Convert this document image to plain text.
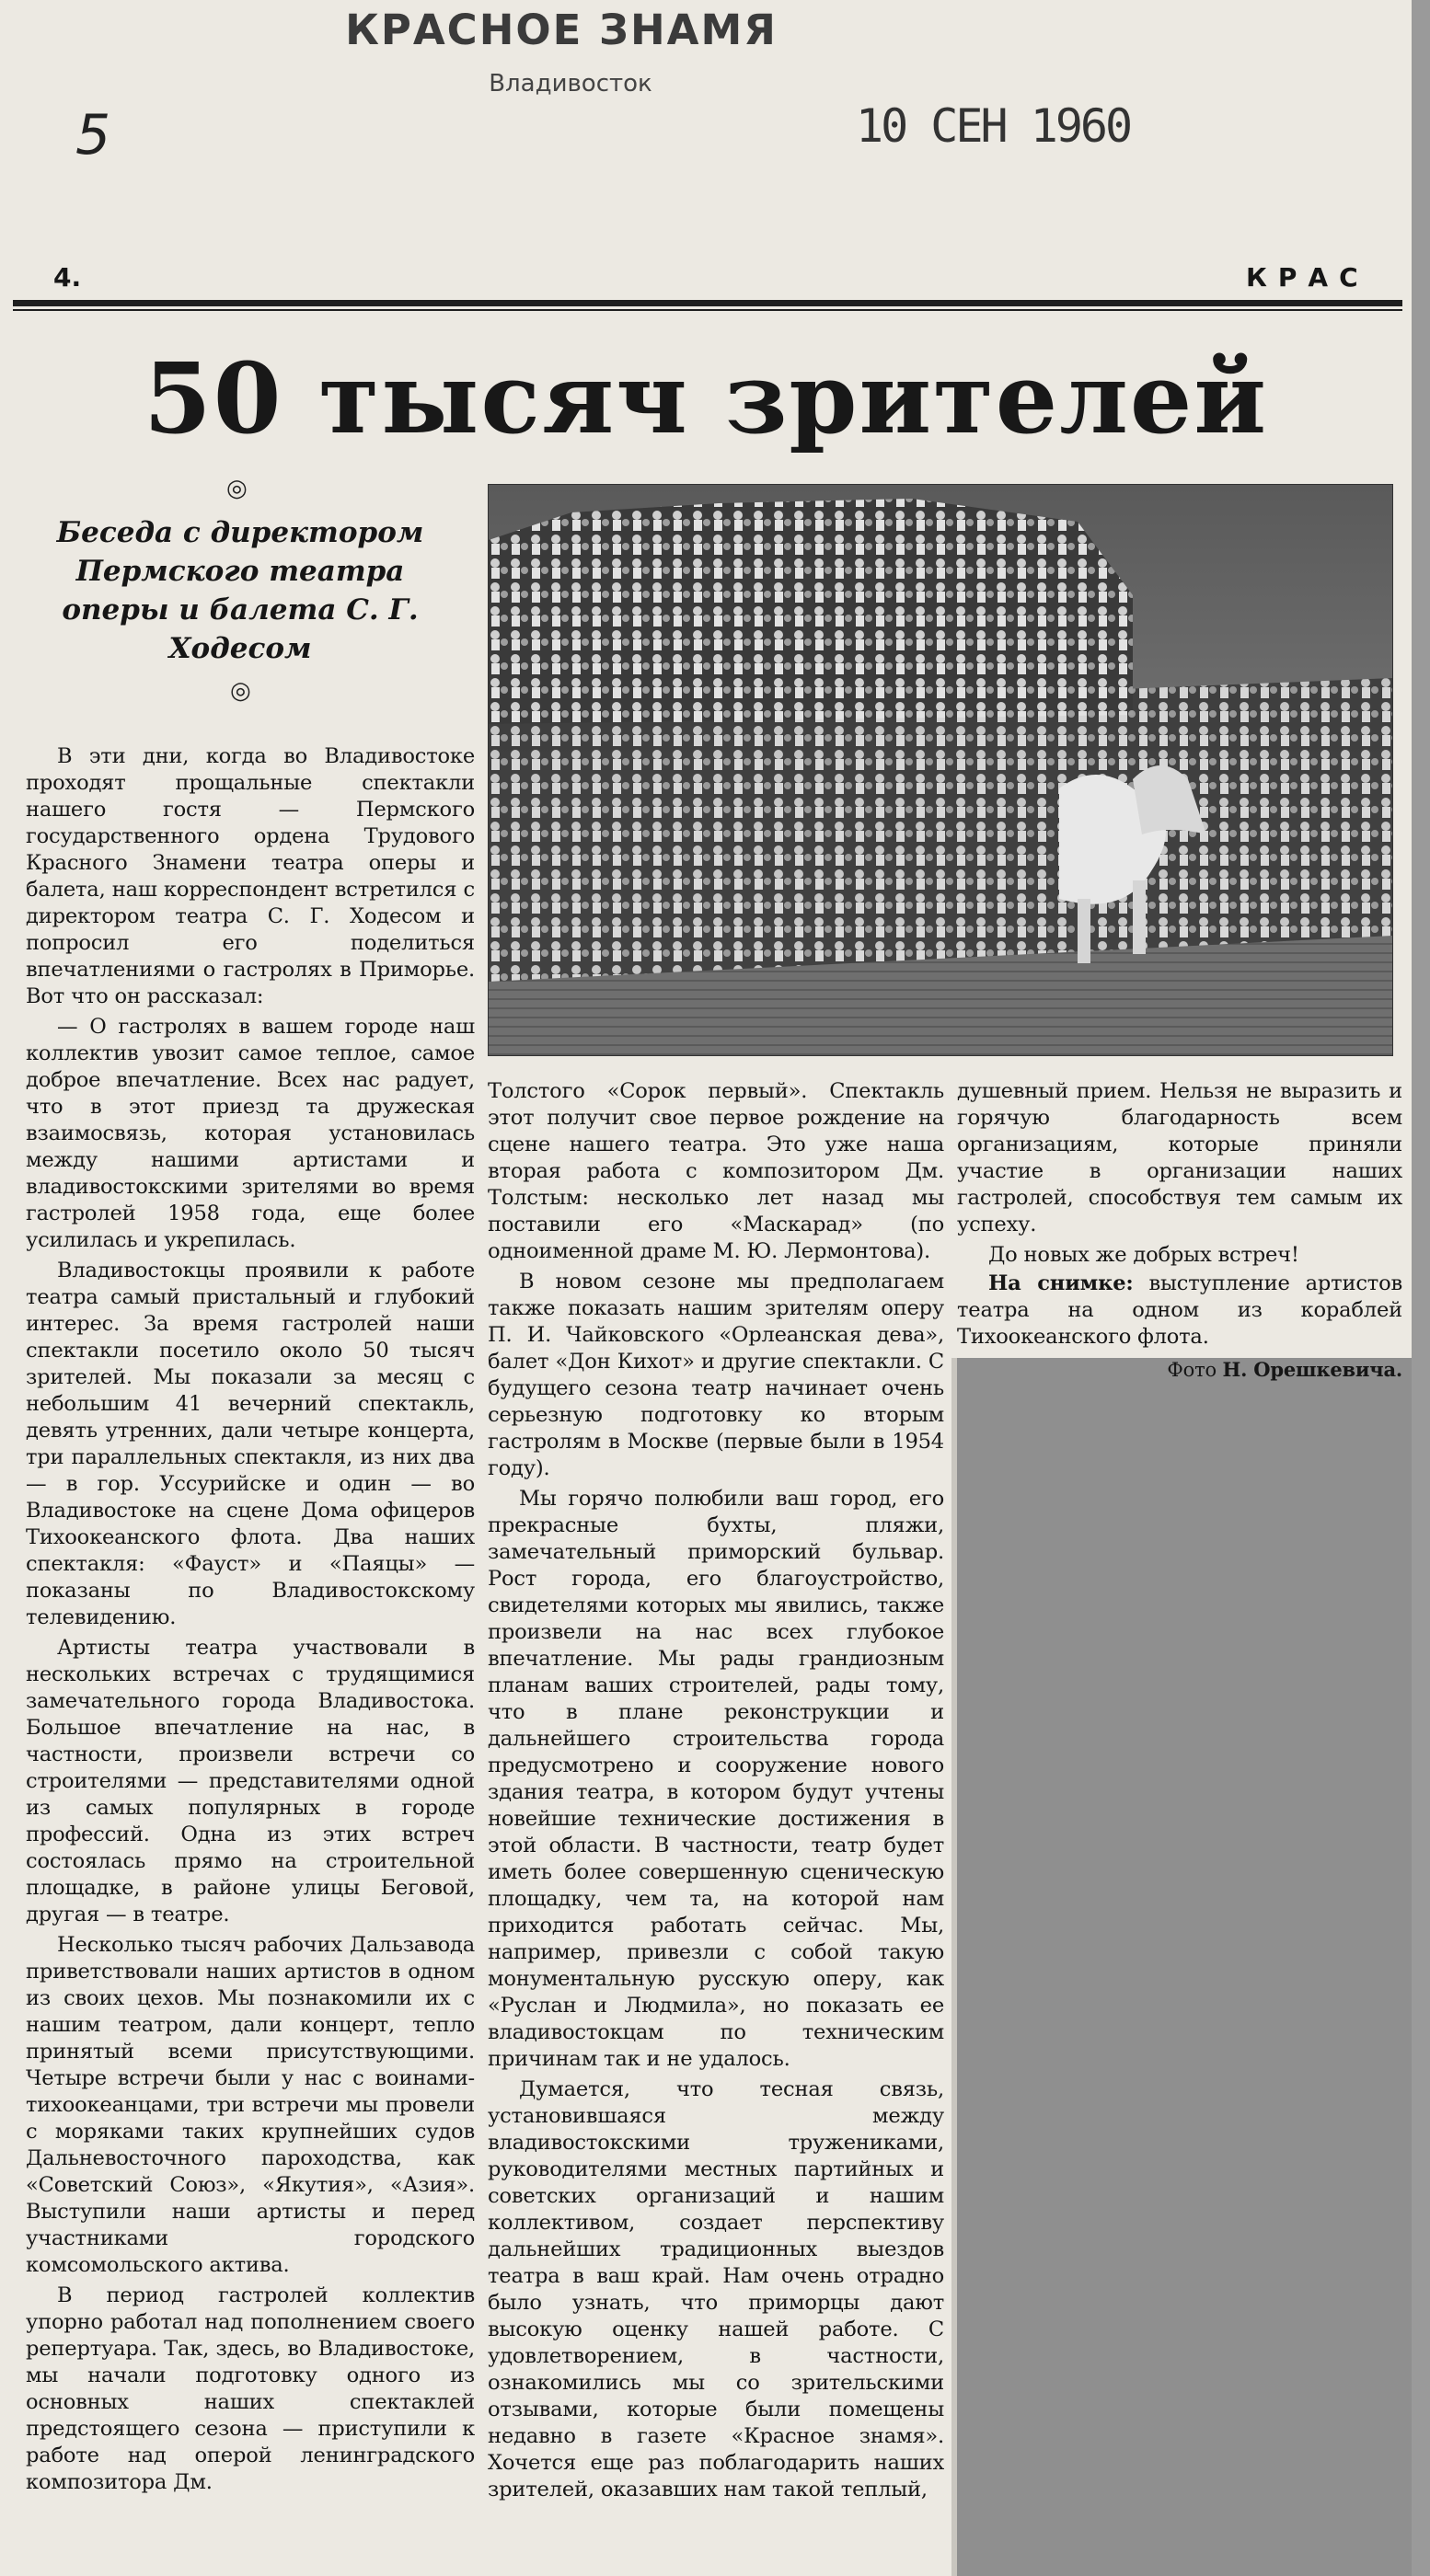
5
КРАСНОЕ ЗНАМЯ
Владивосток
10 СЕН 1960
4.	КРАС
50 тысяч зрителей
◎
Беседа с директором Пермского театра оперы и балета С. Г. Ходесом
◎

В эти дни, когда во Владивостоке проходят прощальные спектакли нашего гостя — Пермского государственного ордена Трудового Красного Знамени театра оперы и балета, наш корреспондент встретился с директором театра С. Г. Ходесом и попросил его поделиться впечатлениями о гастролях в Приморье. Вот что он рассказал:

— О гастролях в вашем городе наш коллектив увозит самое теплое, самое доброе впечатление. Всех нас радует, что в этот приезд та дружеская взаимосвязь, которая установилась между нашими артистами и владивостокскими зрителями во время гастролей 1958 года, еще более усилилась и укрепилась.

Владивостокцы проявили к работе театра самый пристальный и глубокий интерес. За время гастролей наши спектакли посетило около 50 тысяч зрителей. Мы показали за месяц с небольшим 41 вечерний спектакль, девять утренних, дали четыре концерта, три параллельных спектакля, из них два — в гор. Уссурийске и один — во Владивостоке на сцене Дома офицеров Тихоокеанского флота. Два наших спектакля: «Фауст» и «Паяцы» — показаны по Владивостокскому телевидению.

Артисты театра участвовали в нескольких встречах с трудящимися замечательного города Владивостока. Большое впечатление на нас, в частности, произвели встречи со строителями — представителями одной из самых популярных в городе профессий. Одна из этих встреч состоялась прямо на строительной площадке, в районе улицы Беговой, другая — в театре.

Несколько тысяч рабочих Дальзавода приветствовали наших артистов в одном из своих цехов. Мы познакомили их с нашим театром, дали концерт, тепло принятый всеми присутствующими. Четыре встречи были у нас с воинами-тихоокеанцами, три встречи мы провели с моряками таких крупнейших судов Дальневосточного пароходства, как «Советский Союз», «Якутия», «Азия». Выступили наши артисты и перед участниками городского комсомольского актива.

В период гастролей коллектив упорно работал над пополнением своего репертуара. Так, здесь, во Владивостоке, мы начали подготовку одного из основных наших спектаклей предстоящего сезона — приступили к работе над оперой ленинградского композитора Дм.

Толстого «Сорок первый». Спектакль этот получит свое первое рождение на сцене нашего театра. Это уже наша вторая работа с композитором Дм. Толстым: несколько лет назад мы поставили его «Маскарад» (по одноименной драме М. Ю. Лермонтова).

В новом сезоне мы предполагаем также показать нашим зрителям оперу П. И. Чайковского «Орлеанская дева», балет «Дон Кихот» и другие спектакли. С будущего сезона театр начинает очень серьезную подготовку ко вторым гастролям в Москве (первые были в 1954 году).

Мы горячо полюбили ваш город, его прекрасные бухты, пляжи, замечательный приморский бульвар. Рост города, его благоустройство, свидетелями которых мы явились, также произвели на нас всех глубокое впечатление. Мы рады грандиозным планам ваших строителей, рады тому, что в плане реконструкции и дальнейшего строительства города предусмотрено и сооружение нового здания театра, в котором будут учтены новейшие технические достижения в этой области. В частности, театр будет иметь более совершенную сценическую площадку, чем та, на которой нам приходится работать сейчас. Мы, например, привезли с собой такую монументальную русскую оперу, как «Руслан и Людмила», но показать ее владивостокцам по техническим причинам так и не удалось.

Думается, что тесная связь, установившаяся между владивостокскими тружениками, руководителями местных партийных и советских организаций и нашим коллективом, создает перспективу дальнейших традиционных выездов театра в ваш край. Нам очень отрадно было узнать, что приморцы дают высокую оценку нашей работе. С удовлетворением, в частности, ознакомились мы со зрительскими отзывами, которые были помещены недавно в газете «Красное знамя». Хочется еще раз поблагодарить наших зрителей, оказавших нам такой теплый,

душевный прием. Нельзя не выразить и горячую благодарность всем организациям, которые приняли участие в организации наших гастролей, способствуя тем самым их успеху.

До новых же добрых встреч!

На снимке: выступление артистов театра на одном из кораблей Тихоокеанского флота.

Фото Н. Орешкевича.
